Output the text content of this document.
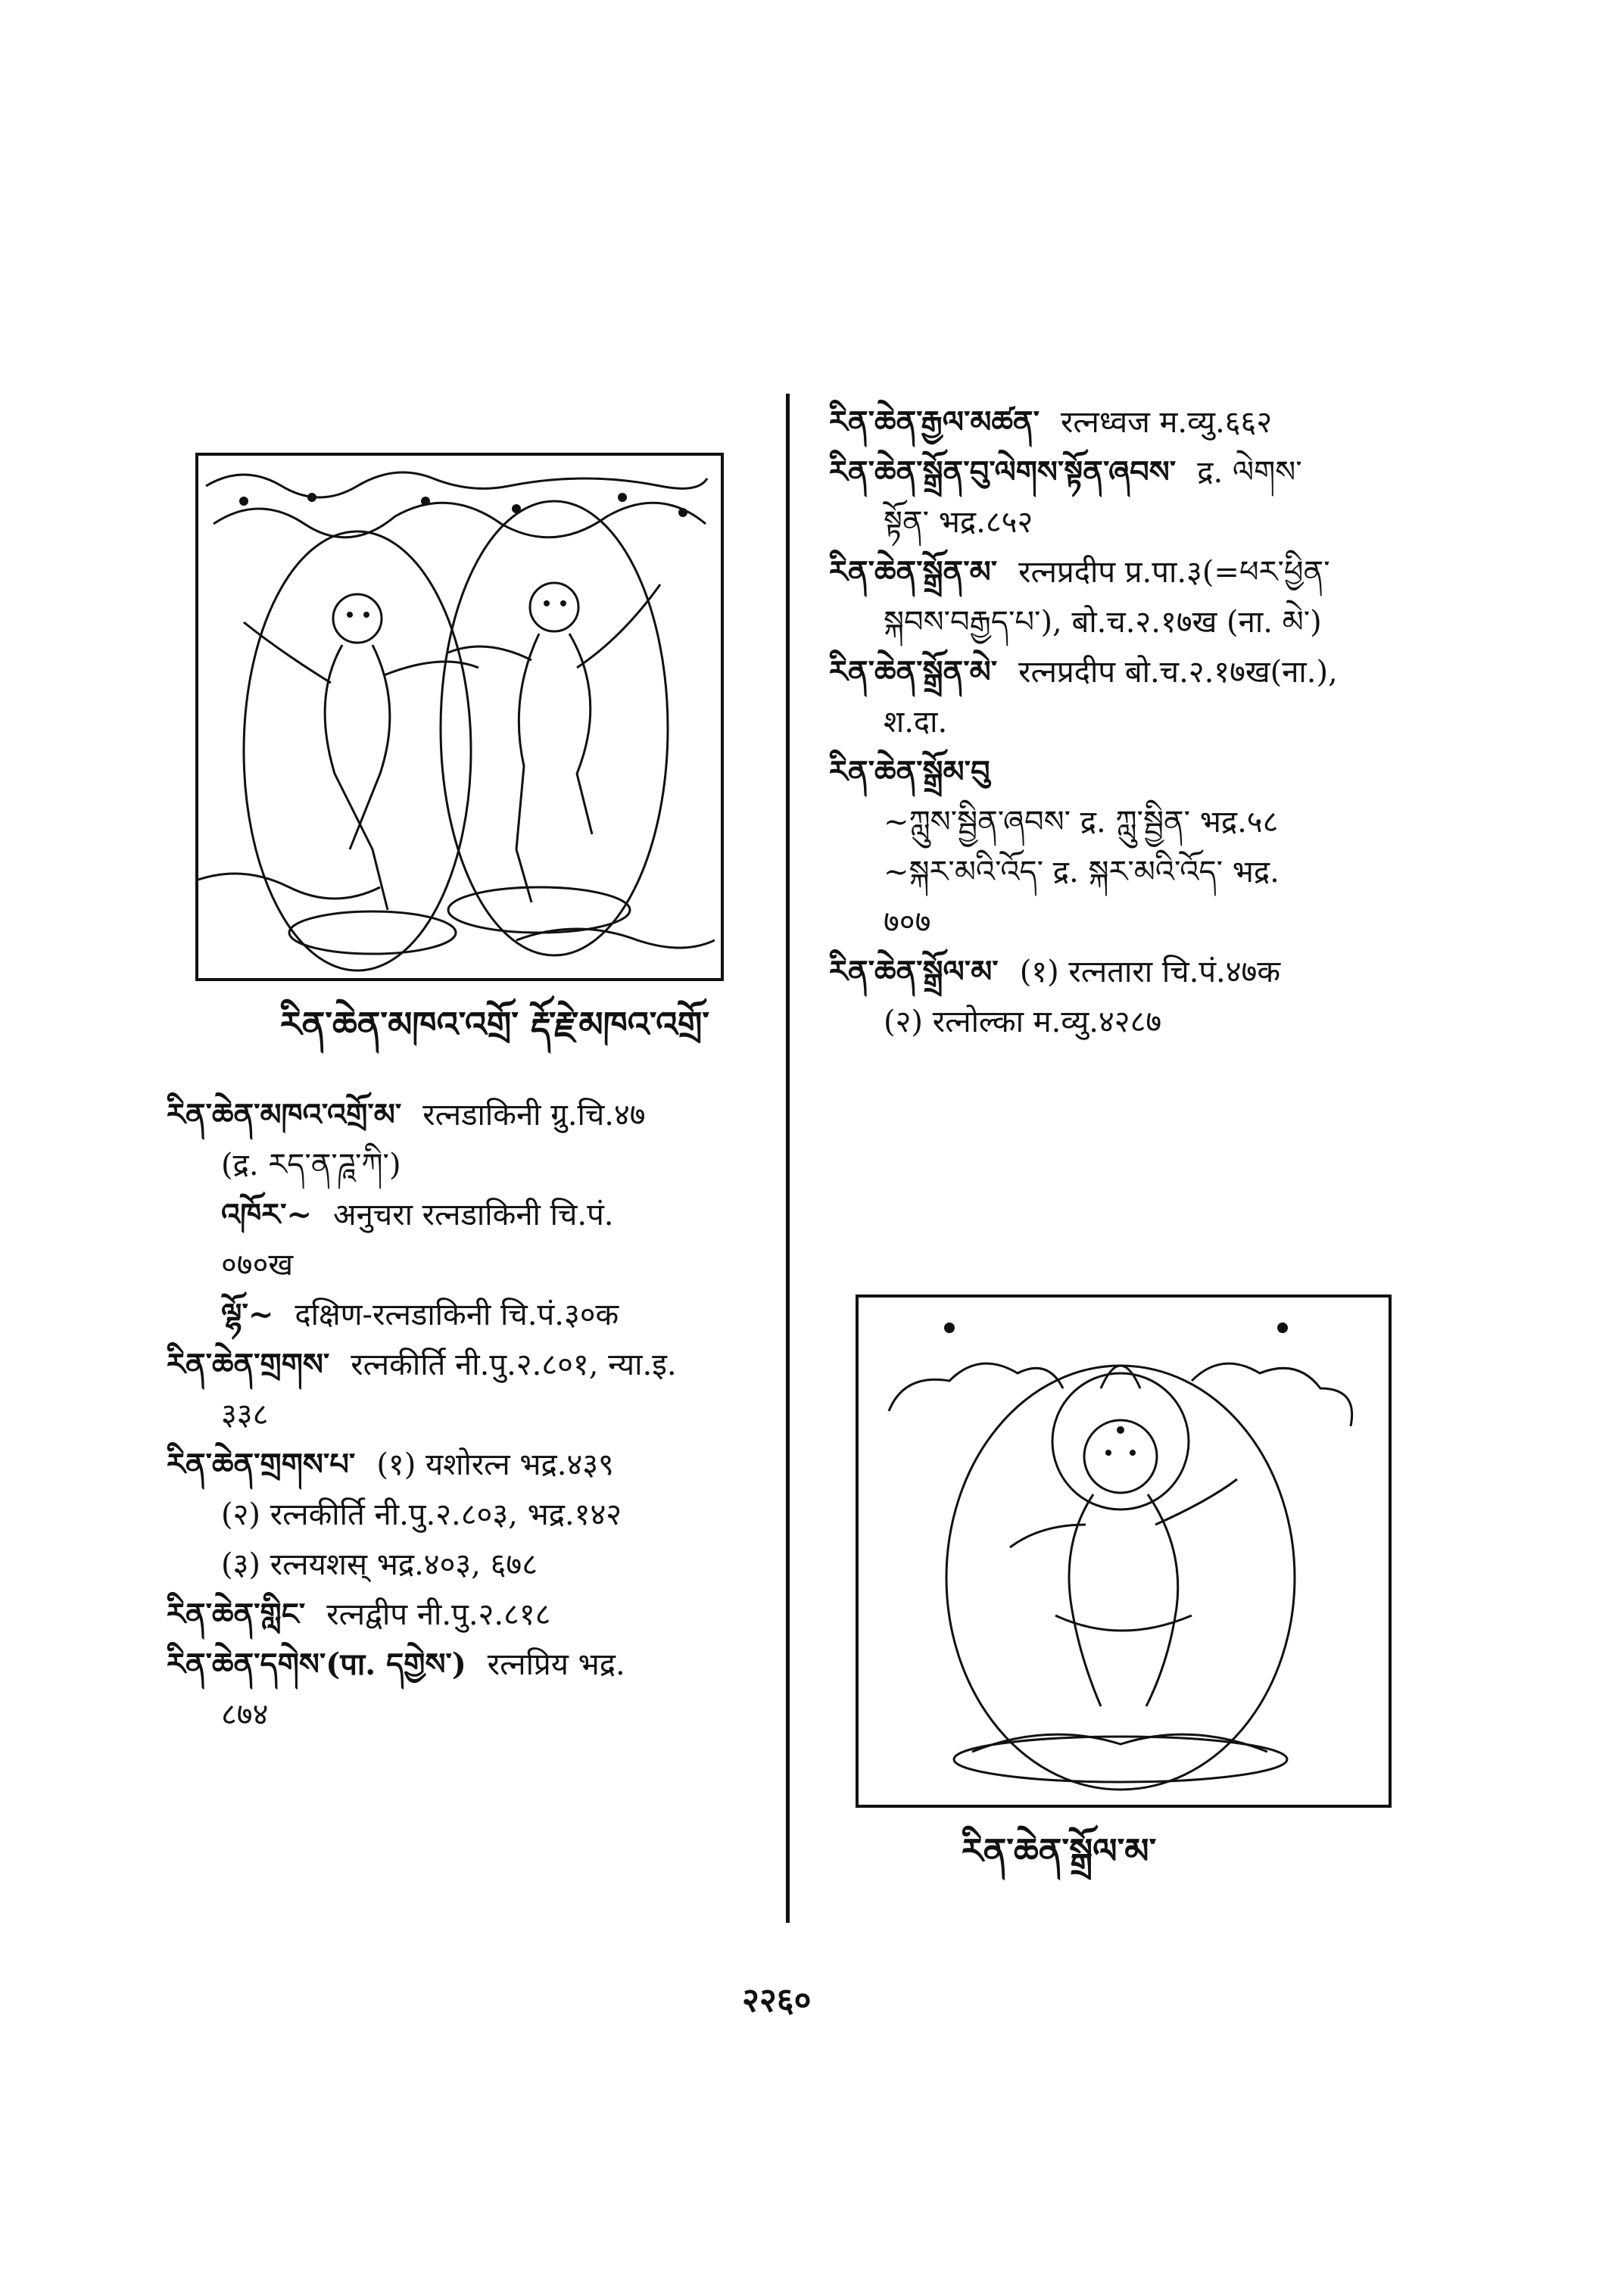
རིན་ཆེན་མཁའ་འགྲོ་ རྡོ་རྗེ་མཁའ་འགྲོ་

རིན་ཆེན་རྒྱལ་མཚན་ रत्नध्वज म.व्यु.६६२

རིན་ཆེན་སྒྲོན་བུ་ལེགས་སྟོན་ཞབས་ द्र. ལེགས་
སྟོན་ भद्र.८५२

རིན་ཆེན་སྒྲོན་མ་ रत्नप्रदीप प्र.पा.३(=ཕར་ཕྱིན་
སྐབས་བརྒྱད་པ་), बो.च.२.१७ख (ना. མེ་)

རིན་ཆེན་སྒྲོན་མེ་ रत्नप्रदीप बो.च.२.१७ख(ना.),
श.दा.

རིན་ཆེན་སྒྲོམ་བུ
~ཀླུས་སྦྱིན་ཞབས་ द्र. ཀླུ་སྦྱིན་ भद्र.५८
~སྐར་མའི་འོད་ द्र. སྐར་མའི་འོད་ भद्र.
७०७

རིན་ཆེན་སྒྲོལ་མ་ (१) रत्नतारा चि.पं.४७क
(२) रत्नोल्का म.व्यु.४२८७

རིན་ཆེན་མཁའ་འགྲོ་མ་ रत्नडाकिनी ग्रु.चि.४७
(द्र. རད་ན་ཌཱ་ཀི་)

འཁོར་~ अनुचरा रत्नडाकिनी चि.पं.
०७०ख

ལྷོ་~ दक्षिण-रत्नडाकिनी चि.पं.३०क

རིན་ཆེན་གྲགས་ रत्नकीर्ति नी.पु.२.८०१, न्या.इ.
३३८

རིན་ཆེན་གྲགས་པ་ (१) यशोरत्न भद्र.४३९
(२) रत्नकीर्ति नी.पु.२.८०३, भद्र.१४२
(३) रत्नयशस् भद्र.४०३, ६७८

རིན་ཆེན་གླིང་ रत्नद्वीप नी.पु.२.८१८

རིན་ཆེན་དགེས་(पा. དགྱེས་) रत्नप्रिय भद्र.
८७४

རིན་ཆེན་སྒྲོལ་མ་
२२६०
